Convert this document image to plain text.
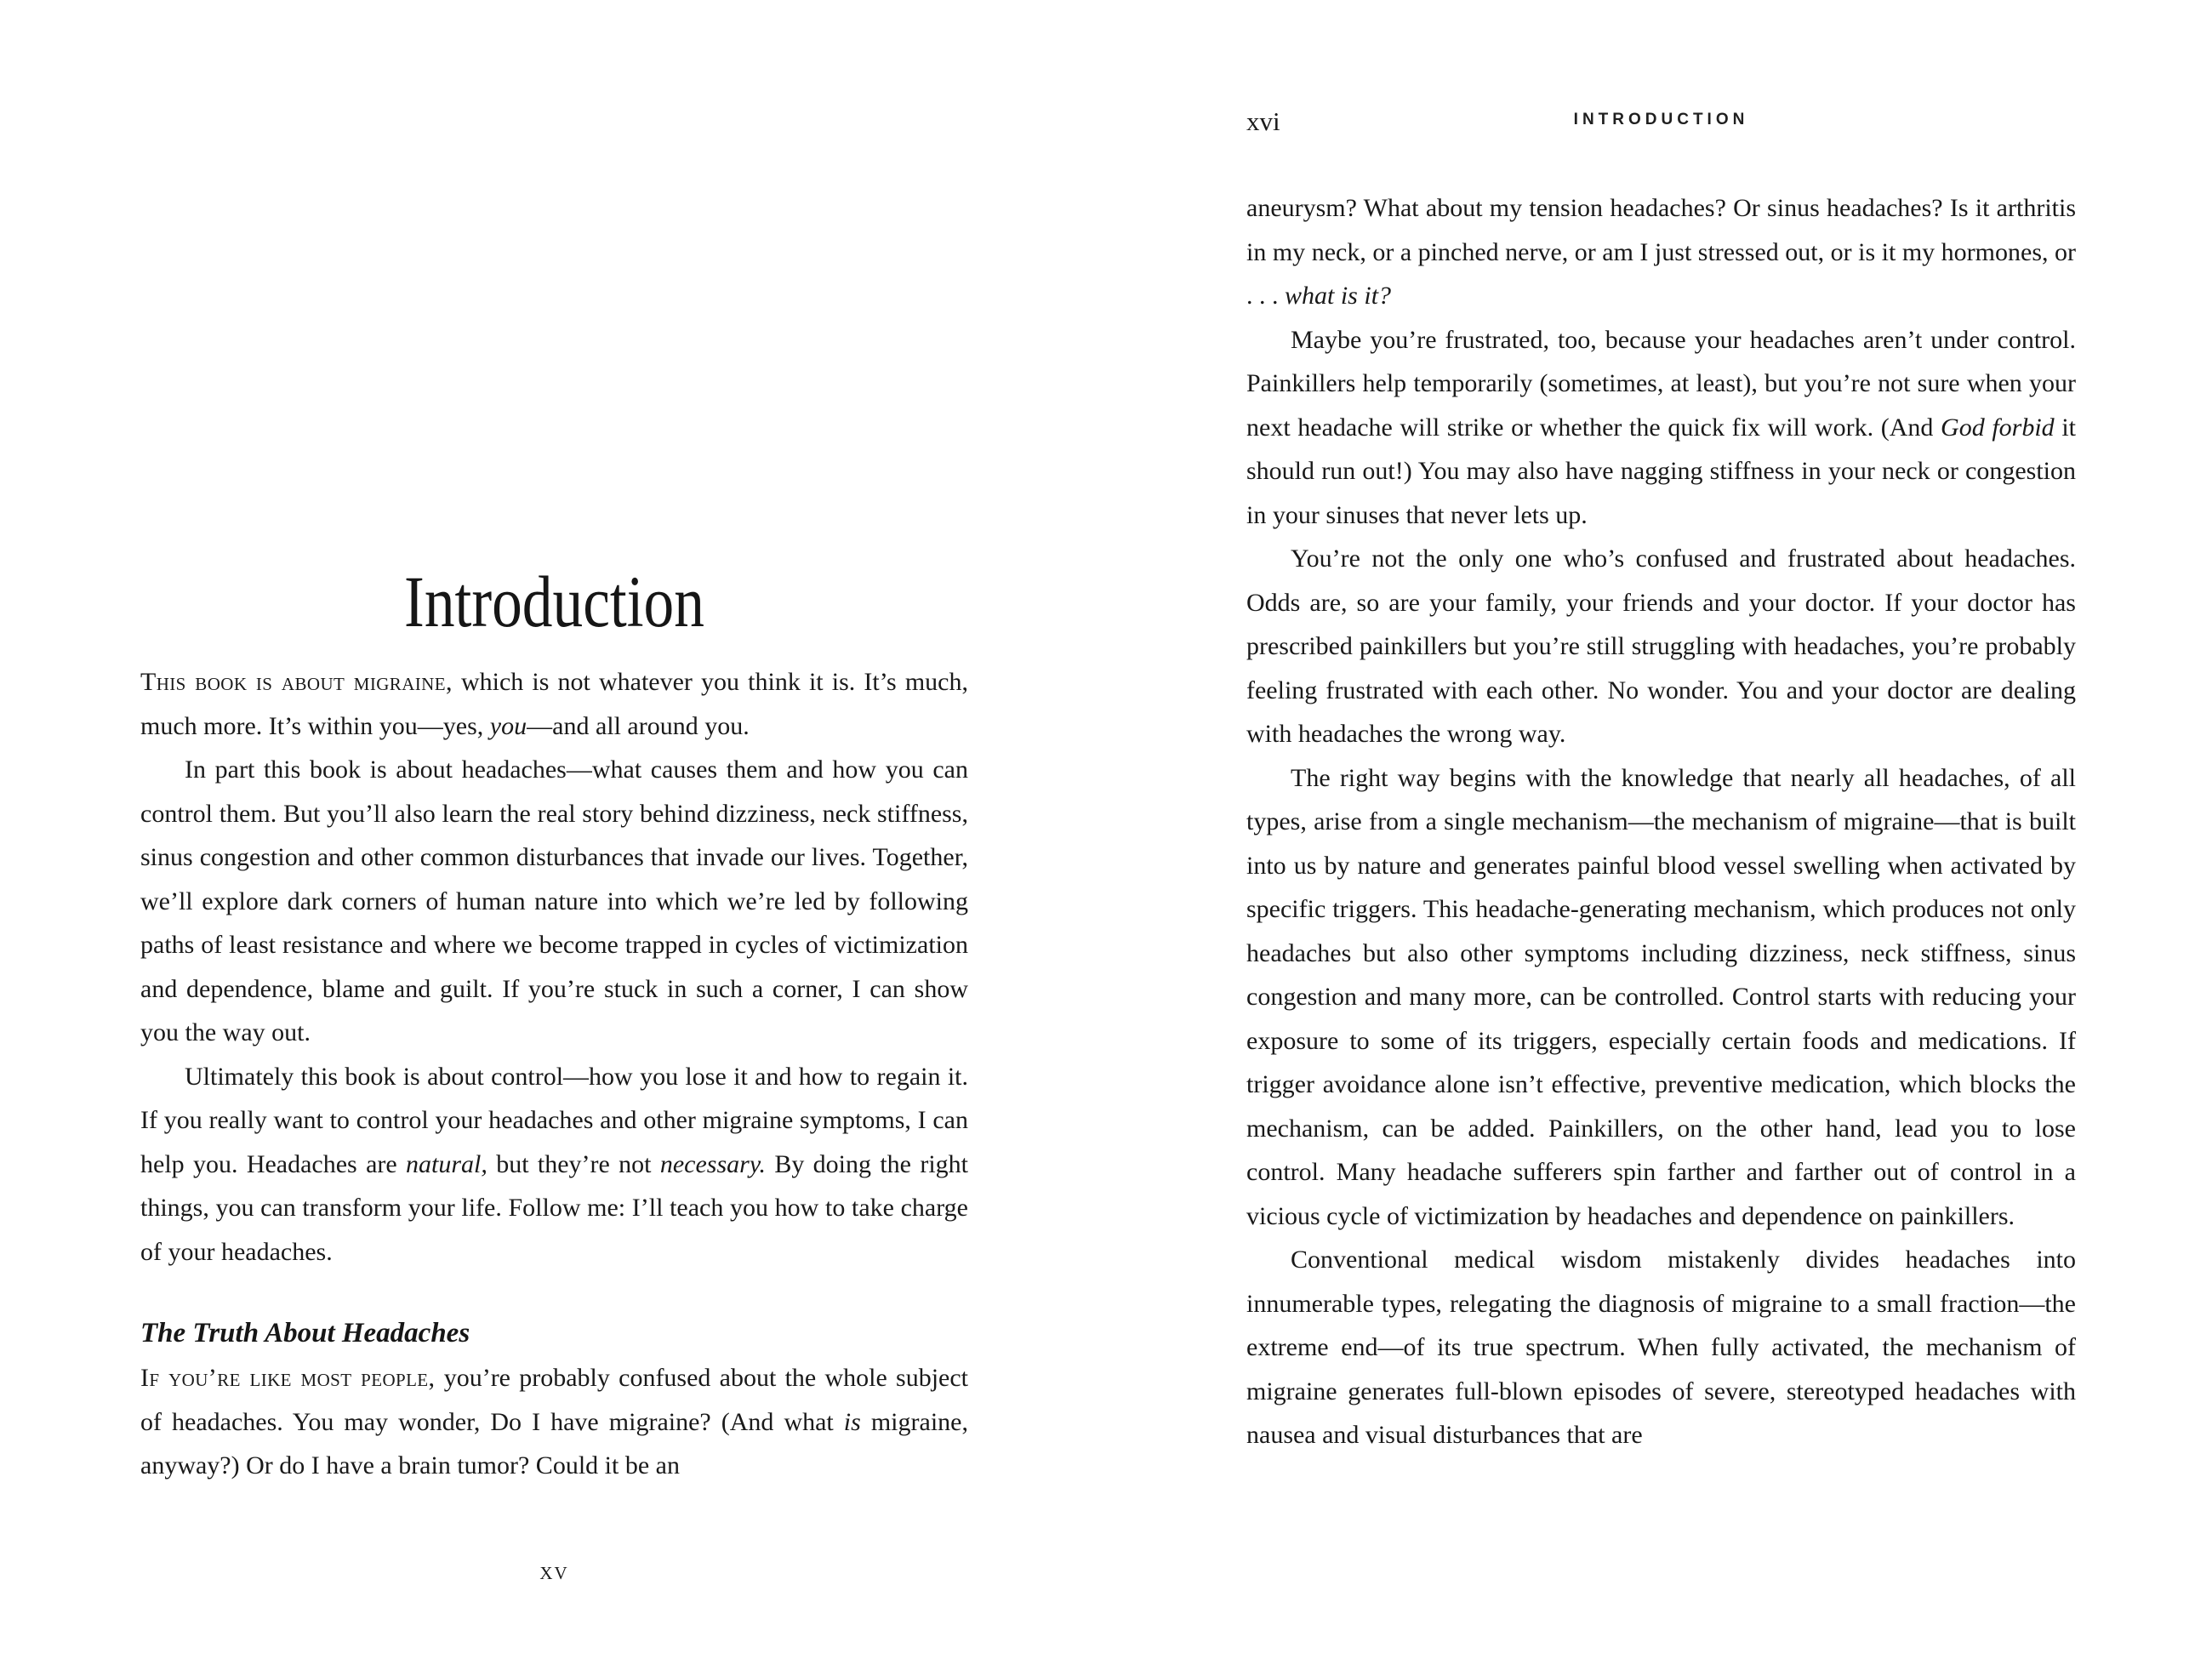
Introduction

This book is about migraine, which is not whatever you think it is. It’s much, much more. It’s within you—yes, you—and all around you.

In part this book is about headaches—what causes them and how you can control them. But you’ll also learn the real story behind dizziness, neck stiffness, sinus congestion and other common disturbances that invade our lives. Together, we’ll explore dark corners of human nature into which we’re led by following paths of least resistance and where we become trapped in cycles of victimization and dependence, blame and guilt. If you’re stuck in such a corner, I can show you the way out.

Ultimately this book is about control—how you lose it and how to regain it. If you really want to control your headaches and other migraine symptoms, I can help you. Headaches are natural, but they’re not necessary. By doing the right things, you can transform your life. Follow me: I’ll teach you how to take charge of your headaches.

The Truth About Headaches

If you’re like most people, you’re probably confused about the whole subject of headaches. You may wonder, Do I have migraine? (And what is migraine, anyway?) Or do I have a brain tumor? Could it be an

xv
xvi	INTRODUCTION

aneurysm? What about my tension headaches? Or sinus headaches? Is it arthritis in my neck, or a pinched nerve, or am I just stressed out, or is it my hormones, or . . . what is it?

Maybe you’re frustrated, too, because your headaches aren’t under control. Painkillers help temporarily (sometimes, at least), but you’re not sure when your next headache will strike or whether the quick fix will work. (And God forbid it should run out!) You may also have nagging stiffness in your neck or congestion in your sinuses that never lets up.

You’re not the only one who’s confused and frustrated about headaches. Odds are, so are your family, your friends and your doctor. If your doctor has prescribed painkillers but you’re still struggling with headaches, you’re probably feeling frustrated with each other. No wonder. You and your doctor are dealing with headaches the wrong way.

The right way begins with the knowledge that nearly all headaches, of all types, arise from a single mechanism—the mechanism of migraine—that is built into us by nature and generates painful blood vessel swelling when activated by specific triggers. This headache-generating mechanism, which produces not only headaches but also other symptoms including dizziness, neck stiffness, sinus congestion and many more, can be controlled. Control starts with reducing your exposure to some of its triggers, especially certain foods and medications. If trigger avoidance alone isn’t effective, preventive medication, which blocks the mechanism, can be added. Painkillers, on the other hand, lead you to lose control. Many headache sufferers spin farther and farther out of control in a vicious cycle of victimization by headaches and dependence on painkillers.

Conventional medical wisdom mistakenly divides headaches into innumerable types, relegating the diagnosis of migraine to a small fraction—the extreme end—of its true spectrum. When fully activated, the mechanism of migraine generates full-blown episodes of severe, stereotyped headaches with nausea and visual disturbances that are
